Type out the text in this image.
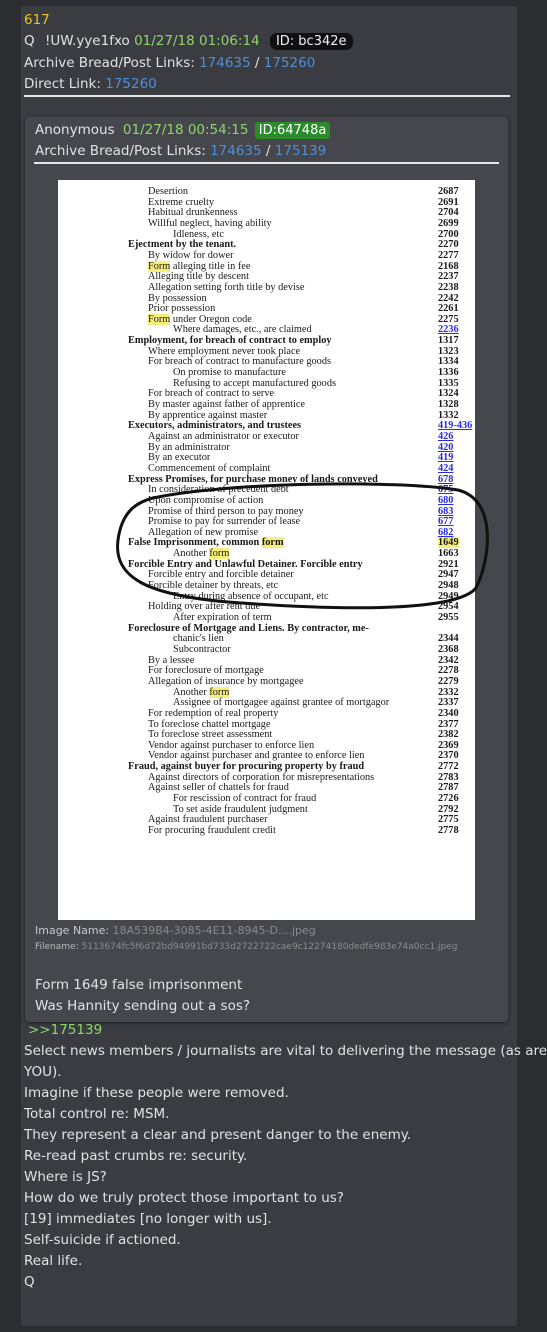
617
Q !UW.yye1fxo 01/27/18 01:06:14 ID: bc342e
Archive Bread/Post Links: 174635 / 175260
Direct Link: 175260
Anonymous 01/27/18 00:54:15 ID:64748a
Archive Bread/Post Links: 174635 / 175139
Desertion	2687
Extreme cruelty	2691
Habitual drunkenness	2704
Willful neglect, having ability	2699
Idleness, etc	2700
Ejectment by the tenant.	2270
By widow for dower	2277
Form alleging title in fee	2168
Alleging title by descent	2237
Allegation setting forth title by devise	2238
By possession	2242
Prior possession	2261
Form under Oregon code	2275
Where damages, etc., are claimed	2236
Employment, for breach of contract to employ	1317
Where employment never took place	1323
For breach of contract to manufacture goods	1334
On promise to manufacture	1336
Refusing to accept manufactured goods	1335
For breach of contract to serve	1324
By master against father of apprentice	1328
By apprentice against master	1332
Executors, administrators, and trustees	419-436
Against an administrator or executor	426
By an administrator	420
By an executor	419
Commencement of complaint	424
Express Promises, for purchase money of lands conveyed	678
In consideration of precedent debt	675
Upon compromise of action	680
Promise of third person to pay money	683
Promise to pay for surrender of lease	677
Allegation of new promise	682
False Imprisonment, common form	1649
Another form	1663
Forcible Entry and Unlawful Detainer. Forcible entry	2921
Forcible entry and forcible detainer	2947
Forcible detainer by threats, etc	2948
Entry during absence of occupant, etc	2949
Holding over after rent due	2954
After expiration of term	2955
Foreclosure of Mortgage and Liens. By contractor, me-
chanic's lien	2344
Subcontractor	2368
By a lessee	2342
For foreclosure of mortgage	2278
Allegation of insurance by mortgagee	2279
Another form	2332
Assignee of mortgagee against grantee of mortgagor	2337
For redemption of real property	2340
To foreclose chattel mortgage	2377
To foreclose street assessment	2382
Vendor against purchaser to enforce lien	2369
Vendor against purchaser and grantee to enforce lien	2370
Fraud, against buyer for procuring property by fraud	2772
Against directors of corporation for misrepresentations	2783
Against seller of chattels for fraud	2787
For rescission of contract for fraud	2726
To set aside fraudulent judgment	2792
Against fraudulent purchaser	2775
For procuring fraudulent credit	2778
Image Name: 18A539B4-3085-4E11-8945-D....jpeg
Filename: 5113674fc5f6d72bd94991bd733d2722722cae9c12274180dedfe983e74a0cc1.jpeg
Form 1649 false imprisonment
Was Hannity sending out a sos?
>>175139
Select news members / journalists are vital to delivering the message (as are
YOU).
Imagine if these people were removed.
Total control re: MSM.
They represent a clear and present danger to the enemy.
Re-read past crumbs re: security.
Where is JS?
How do we truly protect those important to us?
[19] immediates [no longer with us].
Self-suicide if actioned.
Real life.
Q
